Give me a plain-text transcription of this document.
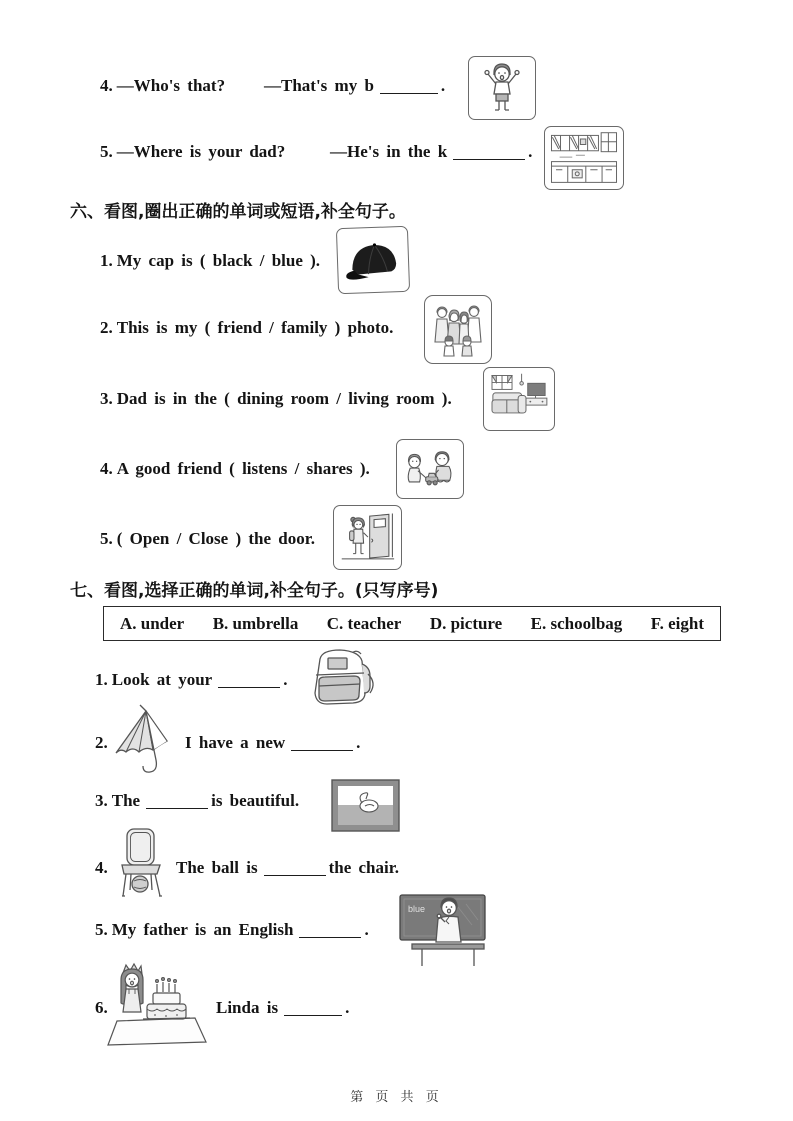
4. —Who's that? —That's my b	.
5. —Where is your dad?	—He's in the k	.
六、看图,圈出正确的单词或短语,补全句子。
1. My cap is ( black / blue ).
2. This is my ( friend / family ) photo.
3. Dad is in the ( dining room / living room ).
4. A good friend ( listens / shares ).
5. ( Open / Close ) the door.
七、看图,选择正确的单词,补全句子。(只写序号)
A. under B. umbrella C. teacher D. picture E. schoolbag F. eight
1. Look at your	.
2.	I have a new	.
3. The	is beautiful.
4.	The ball is	the chair.
5. My father is an English	.
blue
6.	Linda is	.
第 页 共 页
